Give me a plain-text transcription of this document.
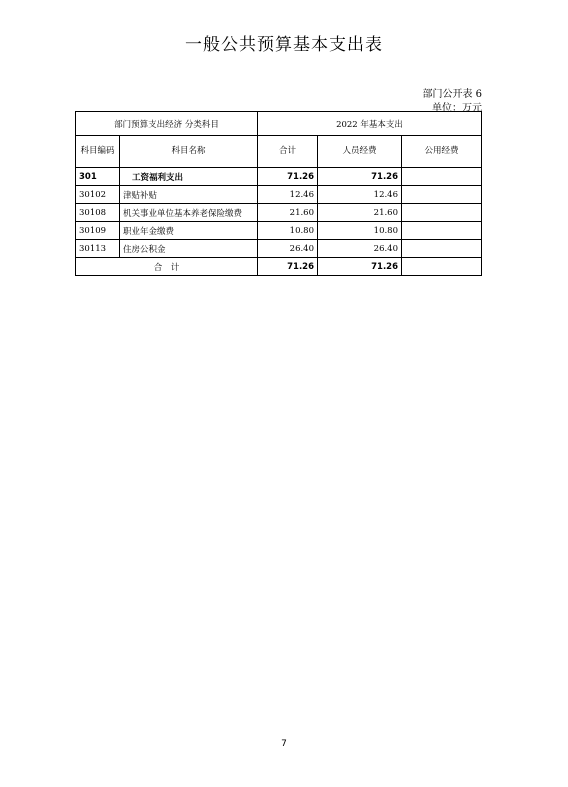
一般公共预算基本支出表
部门公开表 6
单位：万元
部门预算支出经济 分类科目		2022 年基本支出		
科目编码	科目名称	合计	人员经费	公用经费
301	工资福利支出	71.26	71.26	
30102	津贴补贴	12.46	12.46	
30108	机关事业单位基本养老保险缴费	21.60	21.60	
30109	职业年金缴费	10.80	10.80	
30113	住房公积金	26.40	26.40	
合　计		71.26	71.26	
7
